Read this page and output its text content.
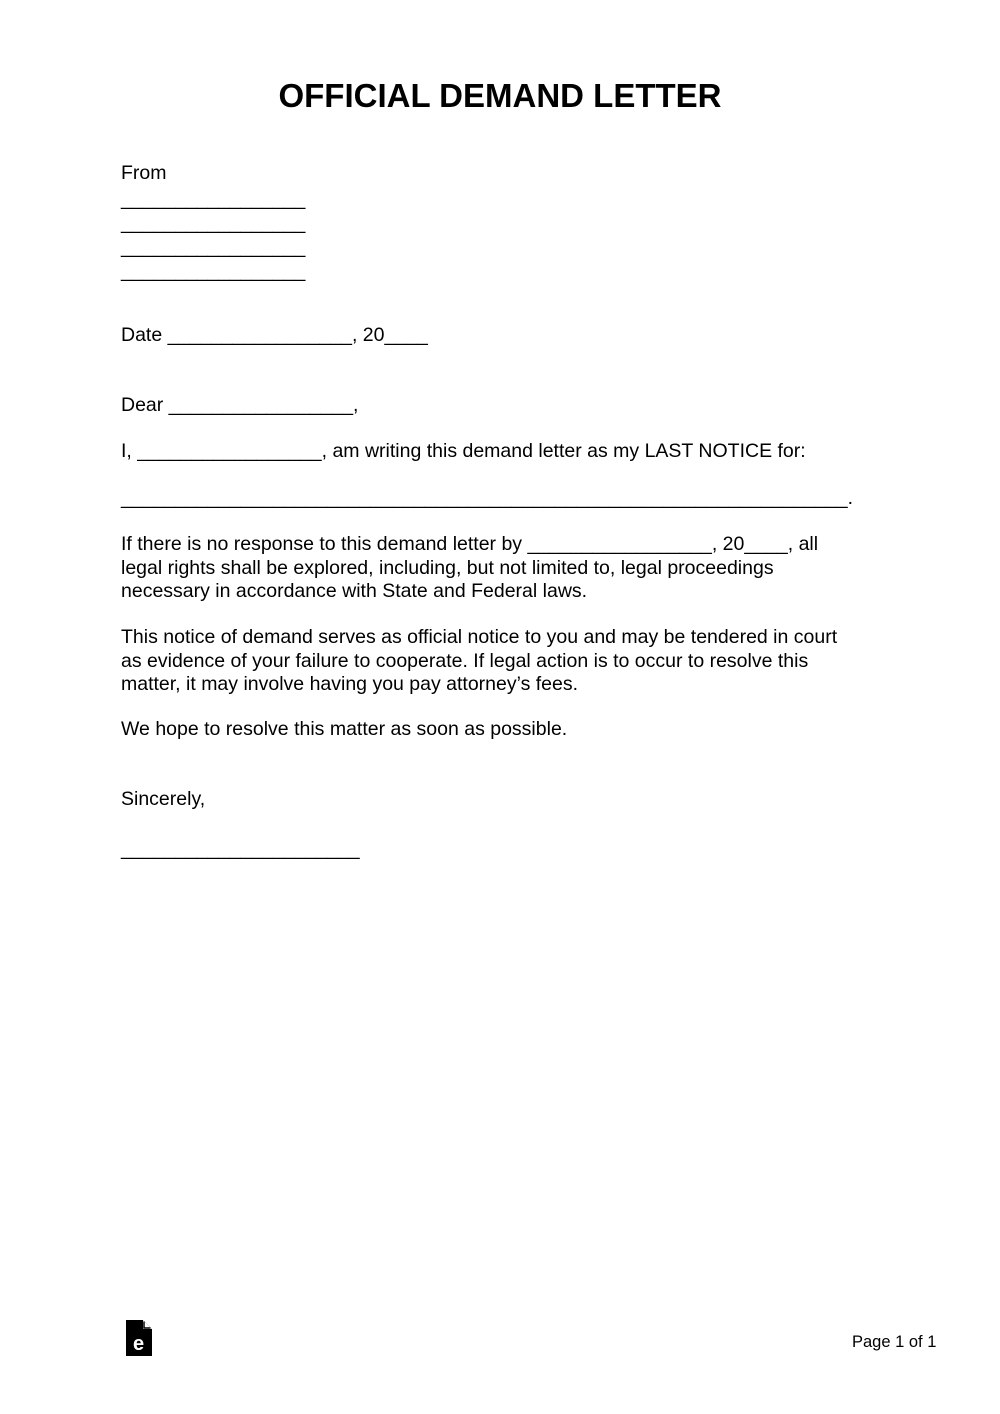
OFFICIAL DEMAND LETTER
From
_________________
_________________
_________________
_________________
Date _________________, 20____
Dear _________________,
I, _________________, am writing this demand letter as my LAST NOTICE for:
___________________________________________________________________.
If there is no response to this demand letter by _________________, 20____, all
legal rights shall be explored, including, but not limited to, legal proceedings
necessary in accordance with State and Federal laws.
This notice of demand serves as official notice to you and may be tendered in court
as evidence of your failure to cooperate. If legal action is to occur to resolve this
matter, it may involve having you pay attorney’s fees.
We hope to resolve this matter as soon as possible.
Sincerely,
______________________
e	Page 1 of 1
